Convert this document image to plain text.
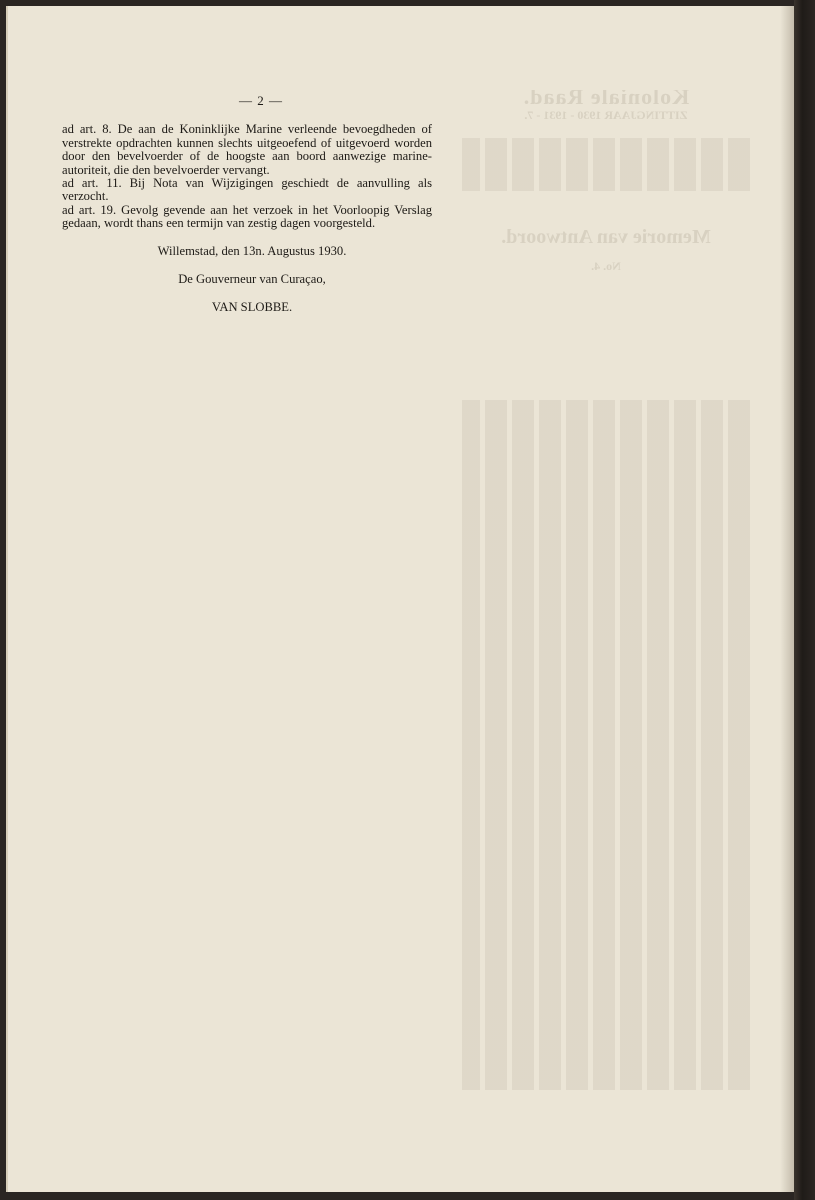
Koloniale Raad.
ZITTINGJAAR 1930 - 1931 - 7.
Memorie van Antwoord.
No. 4.
— 2 —

ad art. 8. De aan de Koninklijke Marine verleende bevoegdheden of verstrekte opdrachten kunnen slechts uitgeoefend of uitgevoerd worden door den bevelvoerder of de hoogste aan boord aanwezige marine-autoriteit, die den bevelvoerder vervangt.

ad art. 11. Bij Nota van Wijzigingen geschiedt de aanvulling als verzocht.

ad art. 19. Gevolg gevende aan het verzoek in het Voorloopig Verslag gedaan, wordt thans een termijn van zestig dagen voorgesteld.

Willemstad, den 13n. Augustus 1930.
De Gouverneur van Curaçao,
VAN SLOBBE.
